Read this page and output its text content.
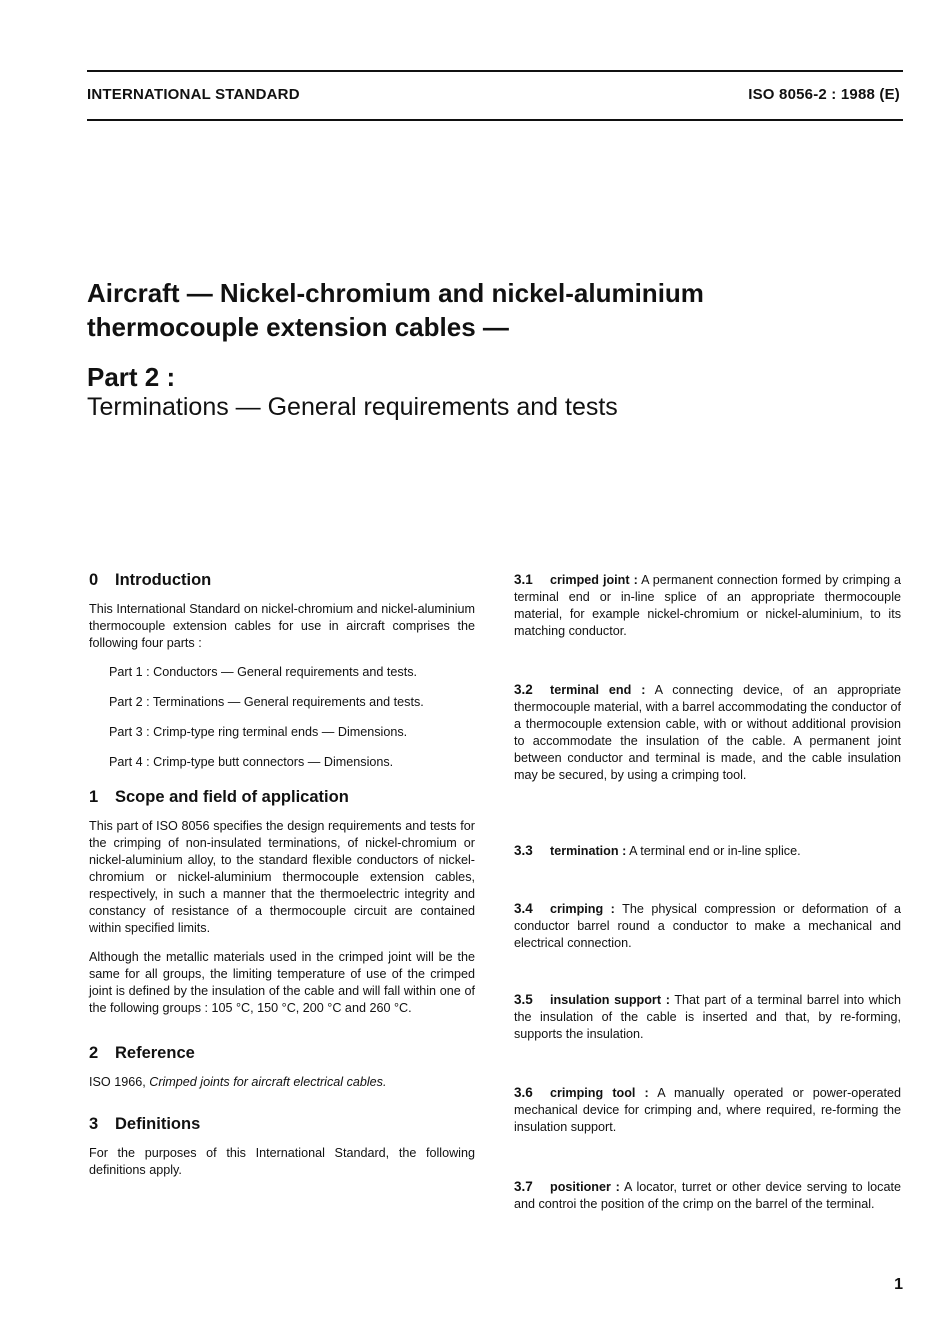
INTERNATIONAL STANDARD	ISO 8056-2 : 1988 (E)
Aircraft — Nickel-chromium and nickel-aluminium
thermocouple extension cables —
Part 2 :
Terminations — General requirements and tests
0 Introduction

This International Standard on nickel-chromium and nickel-aluminium thermocouple extension cables for use in aircraft comprises the following four parts :

Part 1 : Conductors — General requirements and tests.
Part 2 : Terminations — General requirements and tests.
Part 3 : Crimp-type ring terminal ends — Dimensions.
Part 4 : Crimp-type butt connectors — Dimensions.
1 Scope and field of application

This part of ISO 8056 specifies the design requirements and tests for the crimping of non-insulated terminations, of nickel-chromium or nickel-aluminium alloy, to the standard flexible conductors of nickel-chromium or nickel-aluminium thermocouple extension cables, respectively, in such a manner that the thermoelectric integrity and constancy of resistance of a thermocouple circuit are contained within specified limits.

Although the metallic materials used in the crimped joint will be the same for all groups, the limiting temperature of use of the crimped joint is defined by the insulation of the cable and will fall within one of the following groups : 105 °C, 150 °C, 200 °C and 260 °C.

2 Reference

ISO 1966, Crimped joints for aircraft electrical cables.

3 Definitions

For the purposes of this International Standard, the following definitions apply.

3.1 crimped joint : A permanent connection formed by crimping a terminal end or in-line splice of an appropriate thermocouple material, for example nickel-chromium or nickel-aluminium, to its matching conductor.
3.2 terminal end : A connecting device, of an appropriate thermocouple material, with a barrel accommodating the conductor of a thermocouple extension cable, with or without additional provision to accommodate the insulation of the cable. A permanent joint between conductor and terminal is made, and the cable insulation may be secured, by using a crimping tool.
3.3 termination : A terminal end or in-line splice.
3.4 crimping : The physical compression or deformation of a conductor barrel round a conductor to make a mechanical and electrical connection.
3.5 insulation support : That part of a terminal barrel into which the insulation of the cable is inserted and that, by re-forming, supports the insulation.
3.6 crimping tool : A manually operated or power-operated mechanical device for crimping and, where required, re-forming the insulation support.
3.7 positioner : A locator, turret or other device serving to locate and controi the position of the crimp on the barrel of the terminal.
1
